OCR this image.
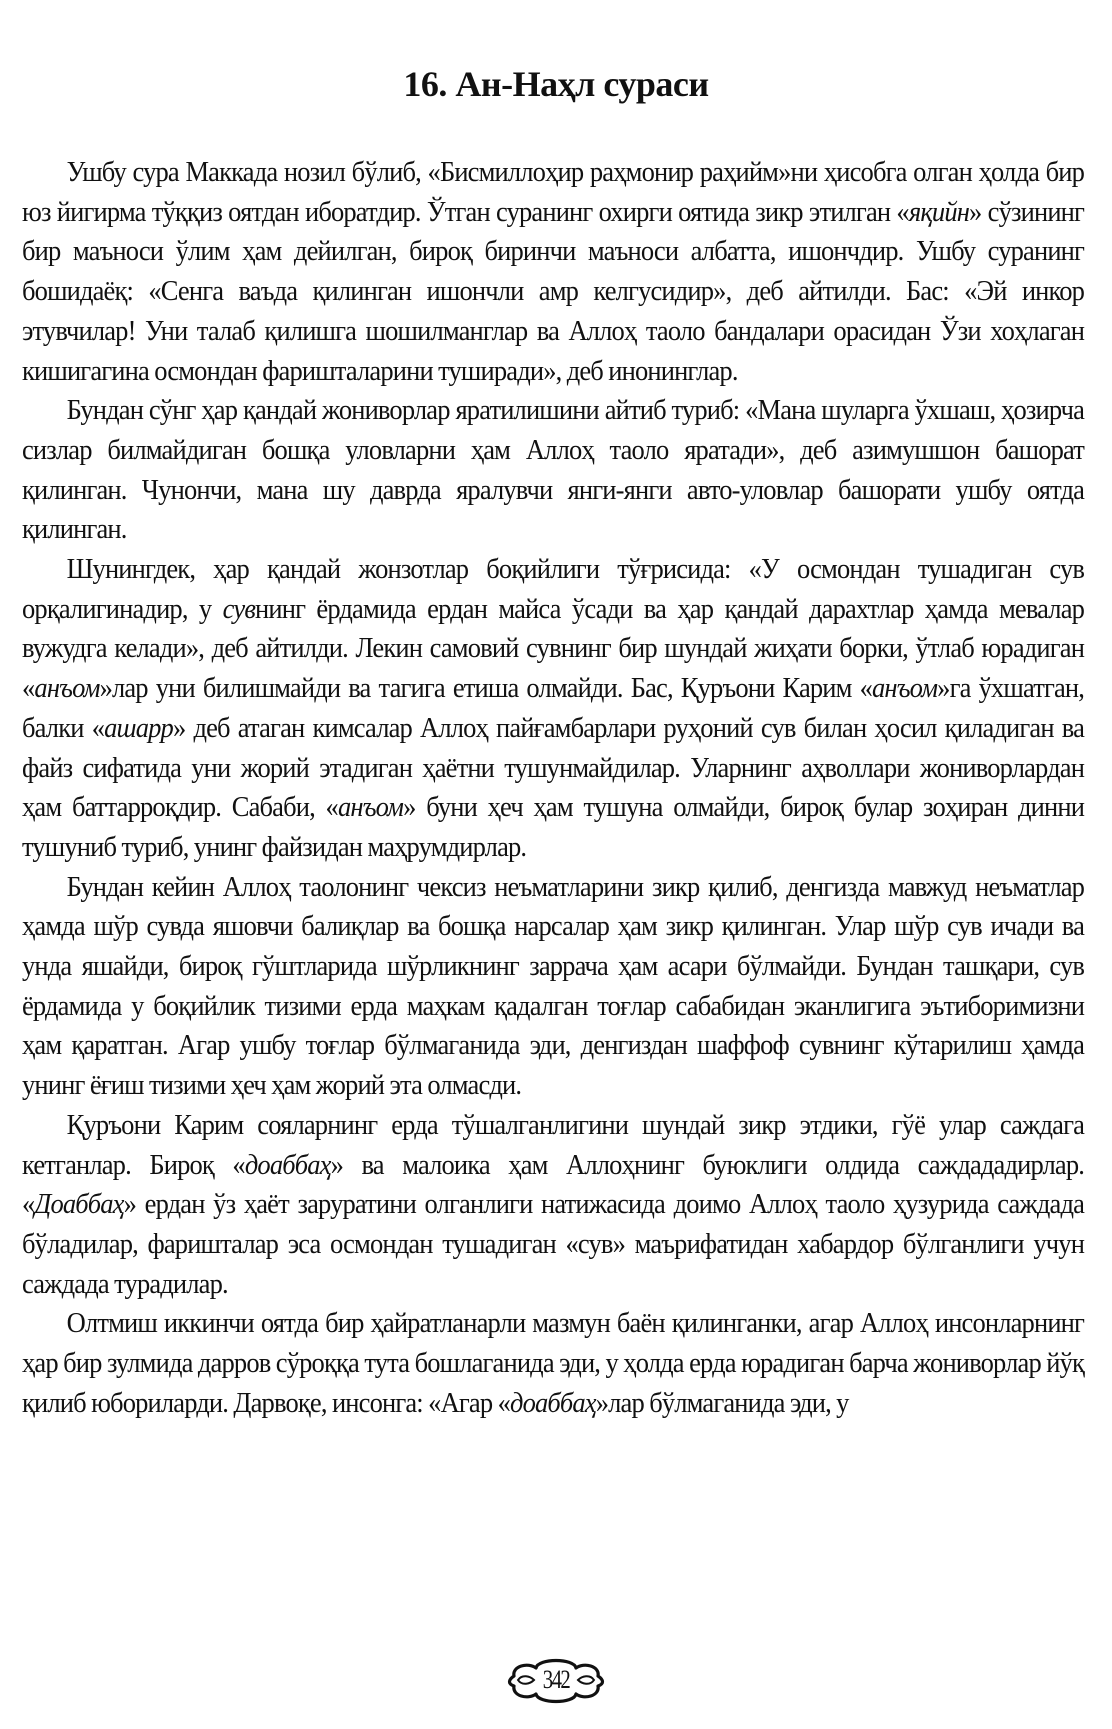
16. Ан-Наҳл сураси

Ушбу сура Маккада нозил бўлиб, «Бисмиллоҳир раҳмонир раҳийм»ни ҳисобга олган ҳолда бир юз йигирма тўққиз оятдан иборатдир. Ўтган суранинг охирги оятида зикр этилган «яқийн» сўзининг бир маъноси ўлим ҳам дейилган, бироқ биринчи маъноси албатта, ишончдир. Ушбу суранинг бошидаёқ: «Сенга ваъда қилинган ишончли амр келгусидир», деб айтилди. Бас: «Эй инкор этувчилар! Уни талаб қилишга шошилманглар ва Аллоҳ таоло бандалари орасидан Ўзи хоҳлаган кишигагина осмондан фаришталарини туширади», деб инонинглар.

Бундан сўнг ҳар қандай жониворлар яратилишини айтиб туриб: «Мана шуларга ўхшаш, ҳозирча сизлар билмайдиган бошқа уловларни ҳам Аллоҳ таоло яратади», деб азимушшон башорат қилинган. Чунончи, мана шу даврда яралувчи янги-янги авто-уловлар башорати ушбу оятда қилинган.

Шунингдек, ҳар қандай жонзотлар боқийлиги тўғрисида: «У осмондан тушадиган сув орқалигинадир, у сувнинг ёрдамида ердан майса ўсади ва ҳар қандай дарахтлар ҳамда мевалар вужудга келади», деб айтилди. Лекин самовий сувнинг бир шундай жиҳати борки, ўтлаб юрадиган «анъом»лар уни билишмайди ва тагига етиша олмайди. Бас, Қуръони Карим «анъом»га ўхшатган, балки «ашарр» деб атаган кимсалар Аллоҳ пайғамбарлари руҳоний сув билан ҳосил қиладиган ва файз сифатида уни жорий этадиган ҳаётни тушунмайдилар. Уларнинг аҳволлари жониворлардан ҳам баттарроқдир. Сабаби, «анъом» буни ҳеч ҳам тушуна олмайди, бироқ булар зоҳиран динни тушуниб туриб, унинг файзидан маҳрумдирлар.

Бундан кейин Аллоҳ таолонинг чексиз неъматларини зикр қилиб, денгизда мавжуд неъматлар ҳамда шўр сувда яшовчи балиқлар ва бошқа нарсалар ҳам зикр қилинган. Улар шўр сув ичади ва унда яшайди, бироқ гўштларида шўрликнинг заррача ҳам асари бўлмайди. Бундан ташқари, сув ёрдамида у боқийлик тизими ерда маҳкам қадалган тоғлар сабабидан эканлигига эътиборимизни ҳам қаратган. Агар ушбу тоғлар бўлмаганида эди, денгиздан шаффоф сувнинг кўтарилиш ҳамда унинг ёғиш тизими ҳеч ҳам жорий эта олмасди.

Қуръони Карим сояларнинг ерда тўшалганлигини шундай зикр этдики, гўё улар саждага кетганлар. Бироқ «доаббаҳ» ва малоика ҳам Аллоҳнинг буюклиги олдида саждададирлар. «Доаббаҳ» ердан ўз ҳаёт заруратини олганлиги натижасида доимо Аллоҳ таоло ҳузурида саждада бўладилар, фаришталар эса осмондан тушадиган «сув» маърифатидан хабардор бўлганлиги учун саждада турадилар.

Олтмиш иккинчи оятда бир ҳайратланарли мазмун баён қилинганки, агар Аллоҳ инсонларнинг ҳар бир зулмида дарров сўроққа тута бошлаганида эди, у ҳолда ерда юрадиган барча жониворлар йўқ қилиб юбориларди. Дарвоқе, инсонга: «Агар «доаббаҳ»лар бўлмаганида эди, у

342
